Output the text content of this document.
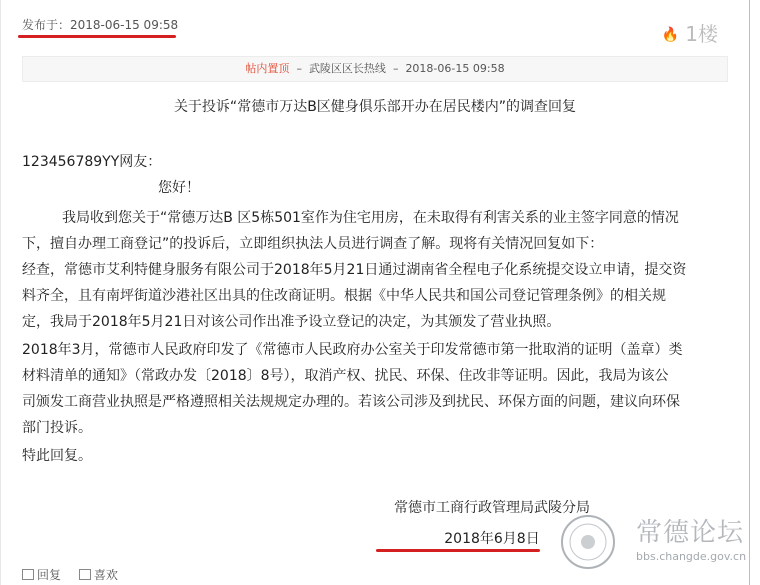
发布于：2018-06-15 09:58
🔥 1楼
帖内置顶 – 武陵区区长热线 – 2018-06-15 09:58
关于投诉“常德市万达B区健身俱乐部开办在居民楼内”的调查回复
123456789YY网友：
您好！
我局收到您关于“常德万达B 区5栋501室作为住宅用房，在未取得有利害关系的业主签字同意的情况
下，擅自办理工商登记”的投诉后，立即组织执法人员进行调查了解。现将有关情况回复如下：
经查，常德市艾利特健身服务有限公司于2018年5月21日通过湖南省全程电子化系统提交设立申请，提交资
料齐全，且有南坪街道沙港社区出具的住改商证明。根据《中华人民共和国公司登记管理条例》的相关规
定，我局于2018年5月21日对该公司作出准予设立登记的决定，为其颁发了营业执照。
2018年3月，常德市人民政府印发了《常德市人民政府办公室关于印发常德市第一批取消的证明（盖章）类
材料清单的通知》（常政办发〔2018〕8号），取消产权、扰民、环保、住改非等证明。因此，我局为该公
司颁发工商营业执照是严格遵照相关法规规定办理的。若该公司涉及到扰民、环保方面的问题，建议向环保
部门投诉。
特此回复。
常德市工商行政管理局武陵分局
2018年6月8日	常德论坛
bbs.changde.gov.cn
回复	喜欢
